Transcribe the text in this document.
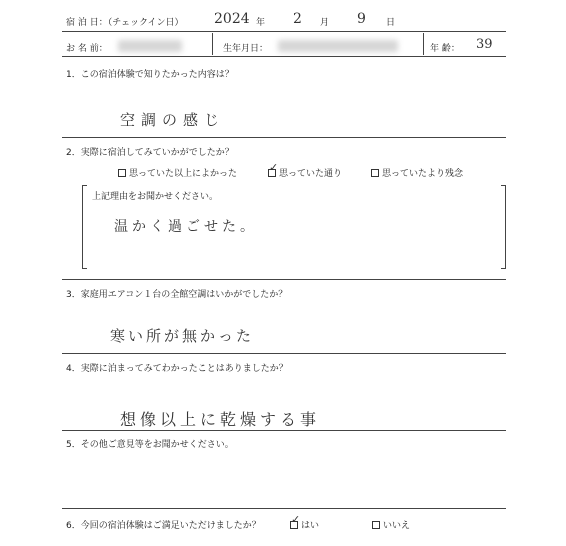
宿 泊 日：（チェックイン日） 2024 年 2 月 9 日
お 名 前：	生年月日：	年 齢： 39
1．この宿泊体験で知りたかった内容は？
空調の感じ
2．実際に宿泊してみていかがでしたか？
思っていた以上によかった	思っていた通り
✓	思っていたより残念
上記理由をお聞かせください。
温かく過ごせた。
3．家庭用エアコン１台の全館空調はいかがでしたか？
寒い所が無かった
4．実際に泊まってみてわかったことはありましたか？
想像以上に乾燥する事
5．その他ご意見等をお聞かせください。
6．今回の宿泊体験はご満足いただけましたか？	はい
✓	いいえ
